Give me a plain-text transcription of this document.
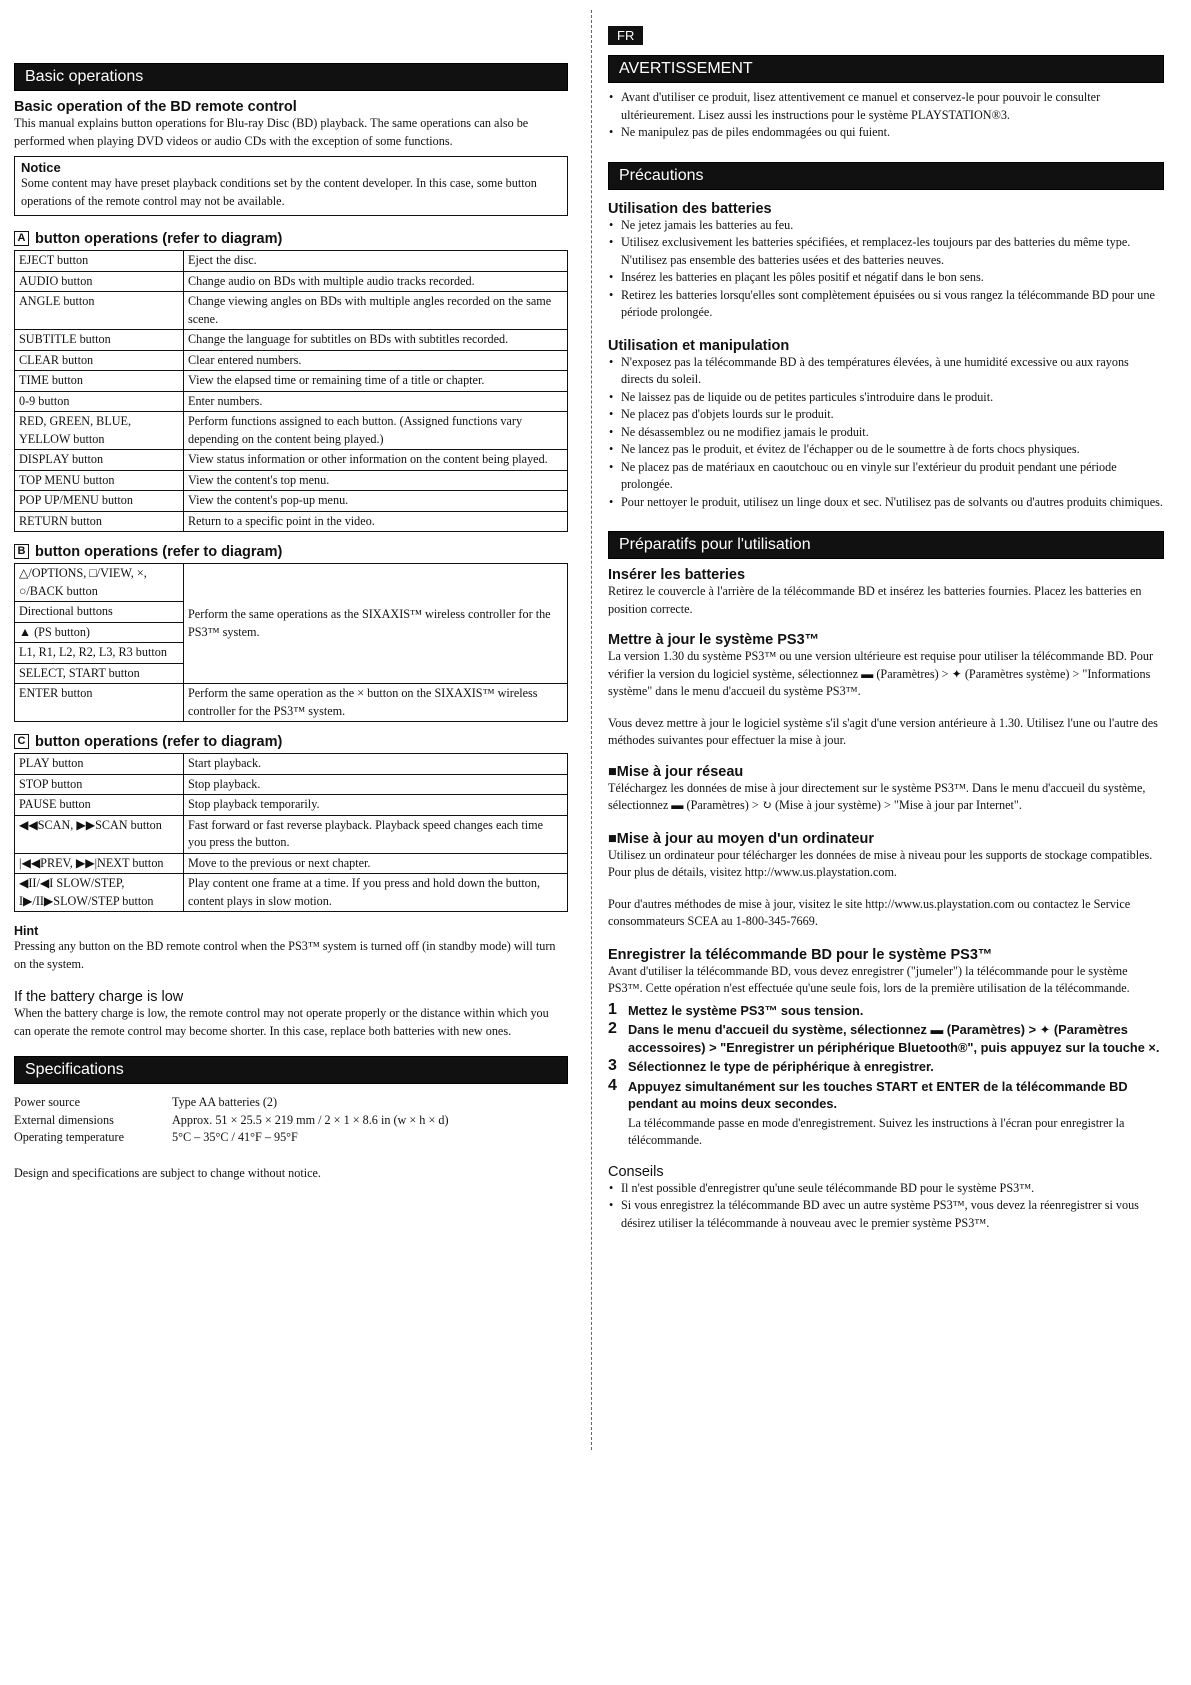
Basic operations
Basic operation of the BD remote control
This manual explains button operations for Blu-ray Disc (BD) playback. The same operations can also be performed when playing DVD videos or audio CDs with the exception of some functions.
Notice
Some content may have preset playback conditions set by the content developer. In this case, some button operations of the remote control may not be available.
A button operations (refer to diagram)
EJECT button	Eject the disc.
AUDIO button	Change audio on BDs with multiple audio tracks recorded.
ANGLE button	Change viewing angles on BDs with multiple angles recorded on the same scene.
SUBTITLE button	Change the language for subtitles on BDs with subtitles recorded.
CLEAR button	Clear entered numbers.
TIME button	View the elapsed time or remaining time of a title or chapter.
0-9 button	Enter numbers.
RED, GREEN, BLUE, YELLOW button	Perform functions assigned to each button. (Assigned functions vary depending on the content being played.)
DISPLAY button	View status information or other information on the content being played.
TOP MENU button	View the content's top menu.
POP UP/MENU button	View the content's pop-up menu.
RETURN button	Return to a specific point in the video.
B button operations (refer to diagram)
△/OPTIONS, □/VIEW, ×, ○/BACK button	Perform the same operations as the SIXAXIS™ wireless controller for the PS3™ system.
Directional buttons	
▲ (PS button)	
L1, R1, L2, R2, L3, R3 button	
SELECT, START button	
ENTER button	Perform the same operation as the × button on the SIXAXIS™ wireless controller for the PS3™ system.
C button operations (refer to diagram)
PLAY button	Start playback.
STOP button	Stop playback.
PAUSE button	Stop playback temporarily.
◀◀SCAN, ▶▶SCAN button	Fast forward or fast reverse playback. Playback speed changes each time you press the button.
|◀◀PREV, ▶▶|NEXT button	Move to the previous or next chapter.
◀II/◀I SLOW/STEP, I▶/II▶SLOW/STEP button	Play content one frame at a time. If you press and hold down the button, content plays in slow motion.
Hint
Pressing any button on the BD remote control when the PS3™ system is turned off (in standby mode) will turn on the system.
If the battery charge is low
When the battery charge is low, the remote control may not operate properly or the distance within which you can operate the remote control may become shorter. In this case, replace both batteries with new ones.
Specifications
Power source	Type AA batteries (2)
External dimensions	Approx. 51 × 25.5 × 219 mm / 2 × 1 × 8.6 in (w × h × d)
Operating temperature	5°C – 35°C / 41°F – 95°F
Design and specifications are subject to change without notice.
FR
AVERTISSEMENT
• Avant d'utiliser ce produit, lisez attentivement ce manuel et conservez-le pour pouvoir le consulter ultérieurement. Lisez aussi les instructions pour le système PLAYSTATION®3.
• Ne manipulez pas de piles endommagées ou qui fuient.
Précautions
Utilisation des batteries
• Ne jetez jamais les batteries au feu.
• Utilisez exclusivement les batteries spécifiées, et remplacez-les toujours par des batteries du même type. N'utilisez pas ensemble des batteries usées et des batteries neuves.
• Insérez les batteries en plaçant les pôles positif et négatif dans le bon sens.
• Retirez les batteries lorsqu'elles sont complètement épuisées ou si vous rangez la télécommande BD pour une période prolongée.
Utilisation et manipulation
• N'exposez pas la télécommande BD à des températures élevées, à une humidité excessive ou aux rayons directs du soleil.
• Ne laissez pas de liquide ou de petites particules s'introduire dans le produit.
• Ne placez pas d'objets lourds sur le produit.
• Ne désassemblez ou ne modifiez jamais le produit.
• Ne lancez pas le produit, et évitez de l'échapper ou de le soumettre à de forts chocs physiques.
• Ne placez pas de matériaux en caoutchouc ou en vinyle sur l'extérieur du produit pendant une période prolongée.
• Pour nettoyer le produit, utilisez un linge doux et sec. N'utilisez pas de solvants ou d'autres produits chimiques.
Préparatifs pour l'utilisation
Insérer les batteries
Retirez le couvercle à l'arrière de la télécommande BD et insérez les batteries fournies. Placez les batteries en position correcte.
Mettre à jour le système PS3™
La version 1.30 du système PS3™ ou une version ultérieure est requise pour utiliser la télécommande BD. Pour vérifier la version du logiciel système, sélectionnez ▬ (Paramètres) > ✦ (Paramètres système) > "Informations système" dans le menu d'accueil du système PS3™.
Vous devez mettre à jour le logiciel système s'il s'agit d'une version antérieure à 1.30. Utilisez l'une ou l'autre des méthodes suivantes pour effectuer la mise à jour.
■ Mise à jour réseau
Téléchargez les données de mise à jour directement sur le système PS3™. Dans le menu d'accueil du système, sélectionnez ▬ (Paramètres) > ↻ (Mise à jour système) > "Mise à jour par Internet".
■ Mise à jour au moyen d'un ordinateur
Utilisez un ordinateur pour télécharger les données de mise à niveau pour les supports de stockage compatibles.
Pour plus de détails, visitez http://www.us.playstation.com.
Pour d'autres méthodes de mise à jour, visitez le site http://www.us.playstation.com ou contactez le Service consommateurs SCEA au 1-800-345-7669.
Enregistrer la télécommande BD pour le système PS3™
Avant d'utiliser la télécommande BD, vous devez enregistrer ("jumeler") la télécommande pour le système PS3™. Cette opération n'est effectuée qu'une seule fois, lors de la première utilisation de la télécommande.
1 Mettez le système PS3™ sous tension.
2 Dans le menu d'accueil du système, sélectionnez ▬ (Paramètres) > ✦ (Paramètres accessoires) > "Enregistrer un périphérique Bluetooth®", puis appuyez sur la touche ×.
3 Sélectionnez le type de périphérique à enregistrer.
4 Appuyez simultanément sur les touches START et ENTER de la télécommande BD pendant au moins deux secondes.
La télécommande passe en mode d'enregistrement. Suivez les instructions à l'écran pour enregistrer la télécommande.
Conseils
• Il n'est possible d'enregistrer qu'une seule télécommande BD pour le système PS3™.
• Si vous enregistrez la télécommande BD avec un autre système PS3™, vous devez la réenregistrer si vous désirez utiliser la télécommande à nouveau avec le premier système PS3™.
